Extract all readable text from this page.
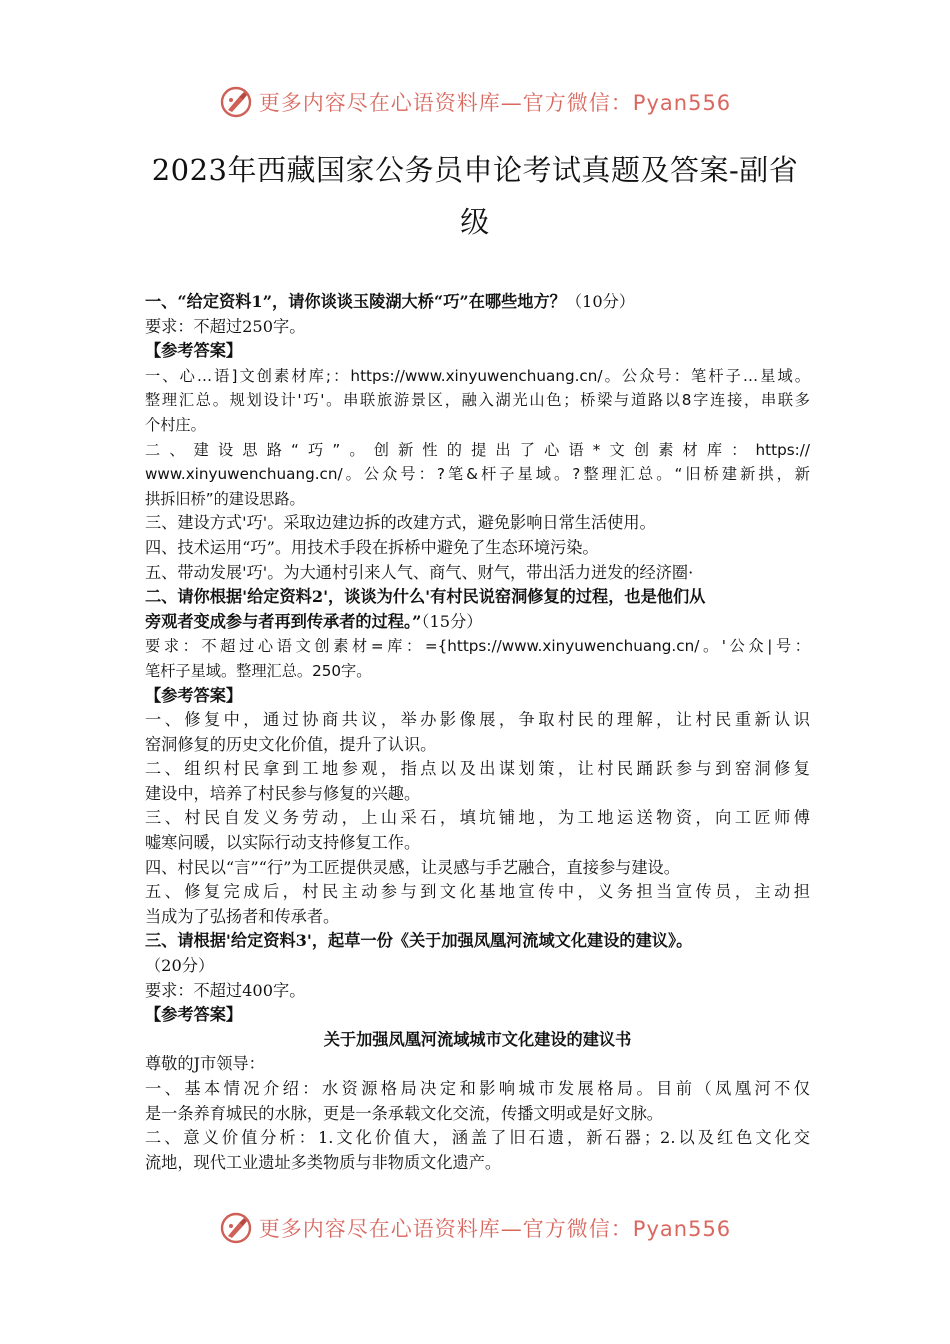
更多内容尽在心语资料库—官方微信：Pyan556
2023年西藏国家公务员申论考试真题及答案-副省
级

一、“给定资料1”，请你谈谈玉陵湖大桥“巧”在哪些地方？（10分）

要求：不超过250字。

【参考答案】

一、心…语]文创素材库;：https://www.xinyuwenchuang.cn/。公众号：笔杆子…星域。

整理汇总。规划设计'巧'。串联旅游景区，融入湖光山色；桥梁与道路以8字连接，串联多

个村庄。

二、建设思路“巧”。创新性的提出了心语*文创素材库：https://

www.xinyuwenchuang.cn/。公众号：?笔&杆子星域。?整理汇总。“旧桥建新拱，新

拱拆旧桥”的建设思路。

三、建设方式'巧'。采取边建边拆的改建方式，避免影响日常生活使用。

四、技术运用“巧”。用技术手段在拆桥中避免了生态环境污染。

五、带动发展'巧'。为大通村引来人气、商气、财气，带出活力迸发的经济圈·

二、请你根据'给定资料2'，谈谈为什么'有村民说窑洞修复的过程，也是他们从

旁观者变成参与者再到传承者的过程。”（15分）

要求：不超过心语文创素材=库：={https://www.xinyuwenchuang.cn/。'公众|号：

笔杆子星域。整理汇总。250字。

【参考答案】

一、修复中，通过协商共议，举办影像展，争取村民的理解，让村民重新认识

窑洞修复的历史文化价值，提升了认识。

二、组织村民拿到工地参观，指点以及出谋划策，让村民踊跃参与到窑洞修复

建设中，培养了村民参与修复的兴趣。

三、村民自发义务劳动，上山采石，填坑铺地，为工地运送物资，向工匠师傅

嘘寒问暖，以实际行动支持修复工作。

四、村民以“言”“行”为工匠提供灵感，让灵感与手艺融合，直接参与建设。

五、修复完成后，村民主动参与到文化基地宣传中，义务担当宣传员，主动担

当成为了弘扬者和传承者。

三、请根据'给定资料3'，起草一份《关于加强凤凰河流域文化建设的建议》。

（20分）

要求：不超过400字。

【参考答案】

关于加强凤凰河流域城市文化建设的建议书

尊敬的J市领导：

一、基本情况介绍：水资源格局决定和影响城市发展格局。目前（凤凰河不仅

是一条养育城民的水脉，更是一条承载文化交流，传播文明或是好文脉。

二、意义价值分析：1.文化价值大，涵盖了旧石遗，新石器；2.以及红色文化交

流地，现代工业遗址多类物质与非物质文化遗产。

更多内容尽在心语资料库—官方微信：Pyan556
